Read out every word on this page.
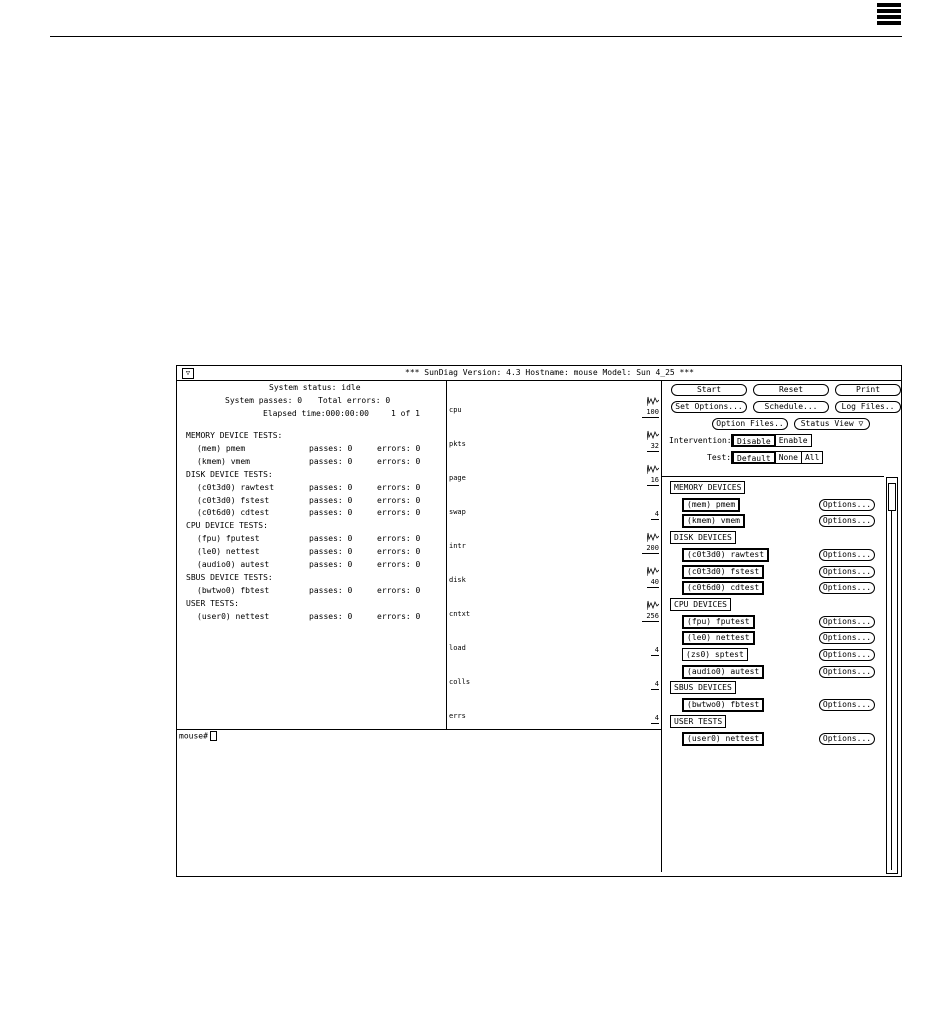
▽	*** SunDiag Version: 4.3 Hostname: mouse Model: Sun 4_25 ***
System status: idle
System passes: 0 Total errors: 0
Elapsed time:000:00:00	1 of 1
MEMORY DEVICE TESTS:
(mem) pmem	passes: 0	errors: 0
(kmem) vmem	passes: 0	errors: 0
DISK DEVICE TESTS:
(c0t3d0) rawtest	passes: 0	errors: 0
(c0t3d0) fstest	passes: 0	errors: 0
(c0t6d0) cdtest	passes: 0	errors: 0
CPU DEVICE TESTS:
(fpu) fputest	passes: 0	errors: 0
(le0) nettest	passes: 0	errors: 0
(audio0) autest	passes: 0	errors: 0
SBUS DEVICE TESTS:
(bwtwo0) fbtest	passes: 0	errors: 0
USER TESTS:
(user0) nettest	passes: 0	errors: 0
cpu	100
pkts	32
page	16
swap	4
intr	200
disk	40
cntxt	256
load	4
colls	4
errs	4
Start	Reset	Print
Set Options...	Schedule...	Log Files..
Option Files..	Status View ▽
Intervention: Disable	Enable
Test: Default	None All
MEMORY DEVICES
(mem) pmem	Options...
(kmem) vmem	Options...
DISK DEVICES
(c0t3d0) rawtest	Options...
(c0t3d0) fstest	Options...
(c0t6d0) cdtest	Options...
CPU DEVICES
(fpu) fputest	Options...
(le0) nettest	Options...
(zs0) sptest	Options...
(audio0) autest	Options...
SBUS DEVICES
(bwtwo0) fbtest	Options...
USER TESTS
(user0) nettest	Options...
mouse#
